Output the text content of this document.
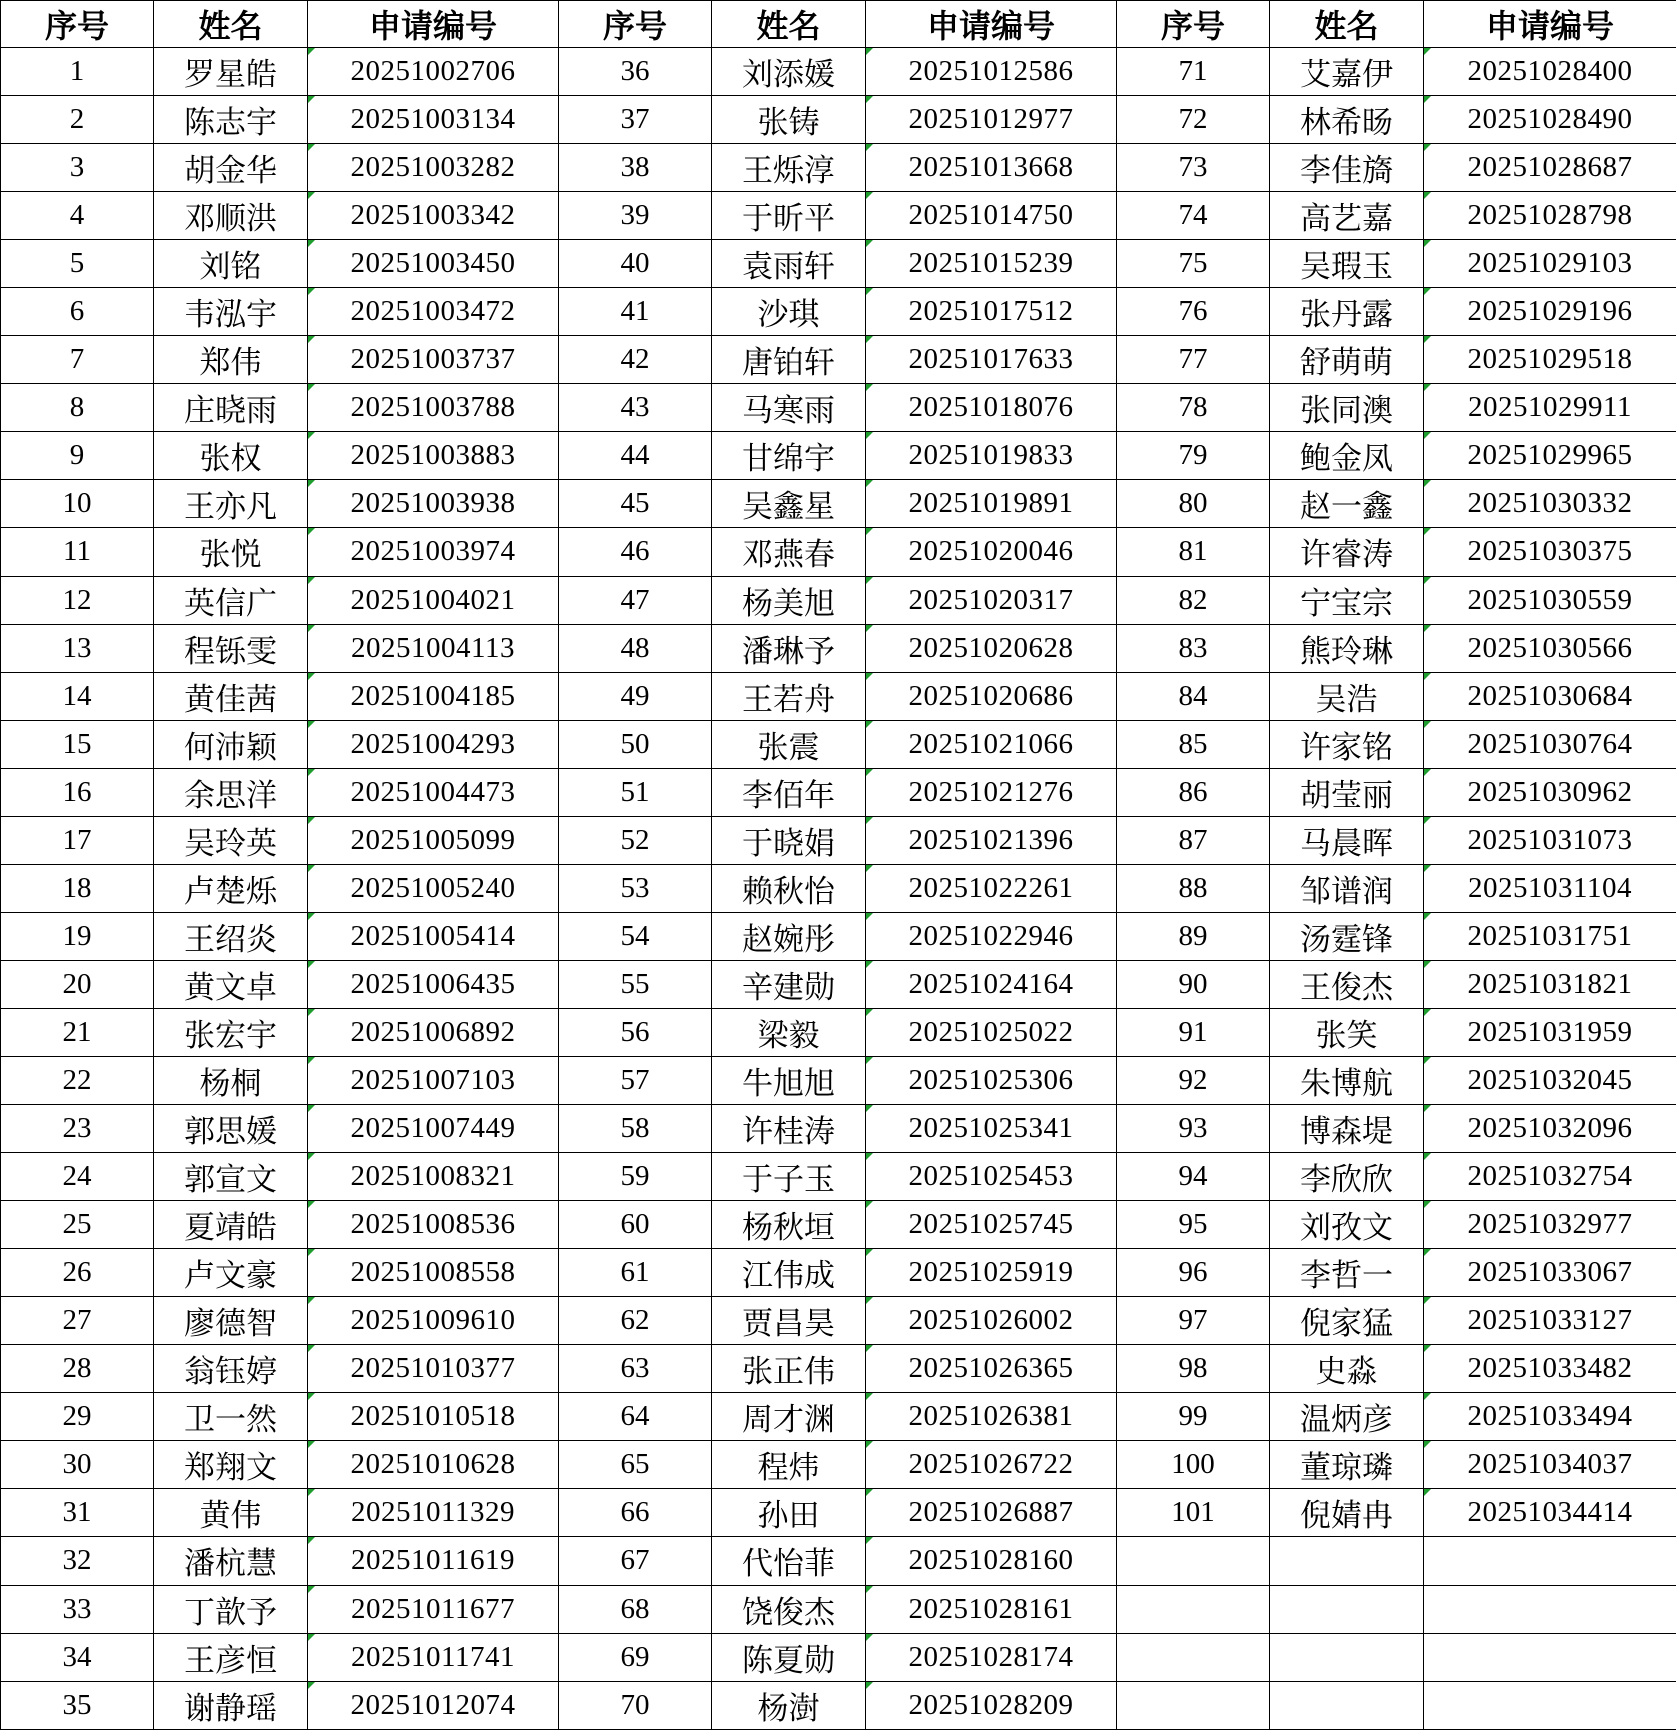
序号	姓名	申请编号	序号	姓名	申请编号	序号	姓名	申请编号
1	罗星皓	20251002706	36	刘添媛	20251012586	71	艾嘉伊	20251028400
2	陈志宇	20251003134	37	张铸	20251012977	72	林希旸	20251028490
3	胡金华	20251003282	38	王烁淳	20251013668	73	李佳旖	20251028687
4	邓顺洪	20251003342	39	于昕平	20251014750	74	高艺嘉	20251028798
5	刘铭	20251003450	40	袁雨轩	20251015239	75	吴瑕玉	20251029103
6	韦泓宇	20251003472	41	沙琪	20251017512	76	张丹露	20251029196
7	郑伟	20251003737	42	唐铂轩	20251017633	77	舒萌萌	20251029518
8	庄晓雨	20251003788	43	马寒雨	20251018076	78	张同澳	20251029911
9	张权	20251003883	44	甘绵宇	20251019833	79	鲍金凤	20251029965
10	王亦凡	20251003938	45	吴鑫星	20251019891	80	赵一鑫	20251030332
11	张悦	20251003974	46	邓燕春	20251020046	81	许睿涛	20251030375
12	英信广	20251004021	47	杨美旭	20251020317	82	宁宝宗	20251030559
13	程铄雯	20251004113	48	潘琳予	20251020628	83	熊玲琳	20251030566
14	黄佳茜	20251004185	49	王若舟	20251020686	84	吴浩	20251030684
15	何沛颖	20251004293	50	张震	20251021066	85	许家铭	20251030764
16	余思洋	20251004473	51	李佰年	20251021276	86	胡莹丽	20251030962
17	吴玲英	20251005099	52	于晓娟	20251021396	87	马晨晖	20251031073
18	卢楚烁	20251005240	53	赖秋怡	20251022261	88	邹谱润	20251031104
19	王绍炎	20251005414	54	赵婉彤	20251022946	89	汤霆锋	20251031751
20	黄文卓	20251006435	55	辛建勋	20251024164	90	王俊杰	20251031821
21	张宏宇	20251006892	56	梁毅	20251025022	91	张笑	20251031959
22	杨桐	20251007103	57	牛旭旭	20251025306	92	朱博航	20251032045
23	郭思媛	20251007449	58	许桂涛	20251025341	93	博森堤	20251032096
24	郭宣文	20251008321	59	于子玉	20251025453	94	李欣欣	20251032754
25	夏靖皓	20251008536	60	杨秋垣	20251025745	95	刘孜文	20251032977
26	卢文豪	20251008558	61	江伟成	20251025919	96	李哲一	20251033067
27	廖德智	20251009610	62	贾昌昊	20251026002	97	倪家猛	20251033127
28	翁钰婷	20251010377	63	张正伟	20251026365	98	史淼	20251033482
29	卫一然	20251010518	64	周才渊	20251026381	99	温炳彦	20251033494
30	郑翔文	20251010628	65	程炜	20251026722	100	董琼璘	20251034037
31	黄伟	20251011329	66	孙田	20251026887	101	倪婧冉	20251034414
32	潘杭慧	20251011619	67	代怡菲	20251028160			
33	丁歆予	20251011677	68	饶俊杰	20251028161			
34	王彦恒	20251011741	69	陈夏勋	20251028174			
35	谢静瑶	20251012074	70	杨澍	20251028209			
